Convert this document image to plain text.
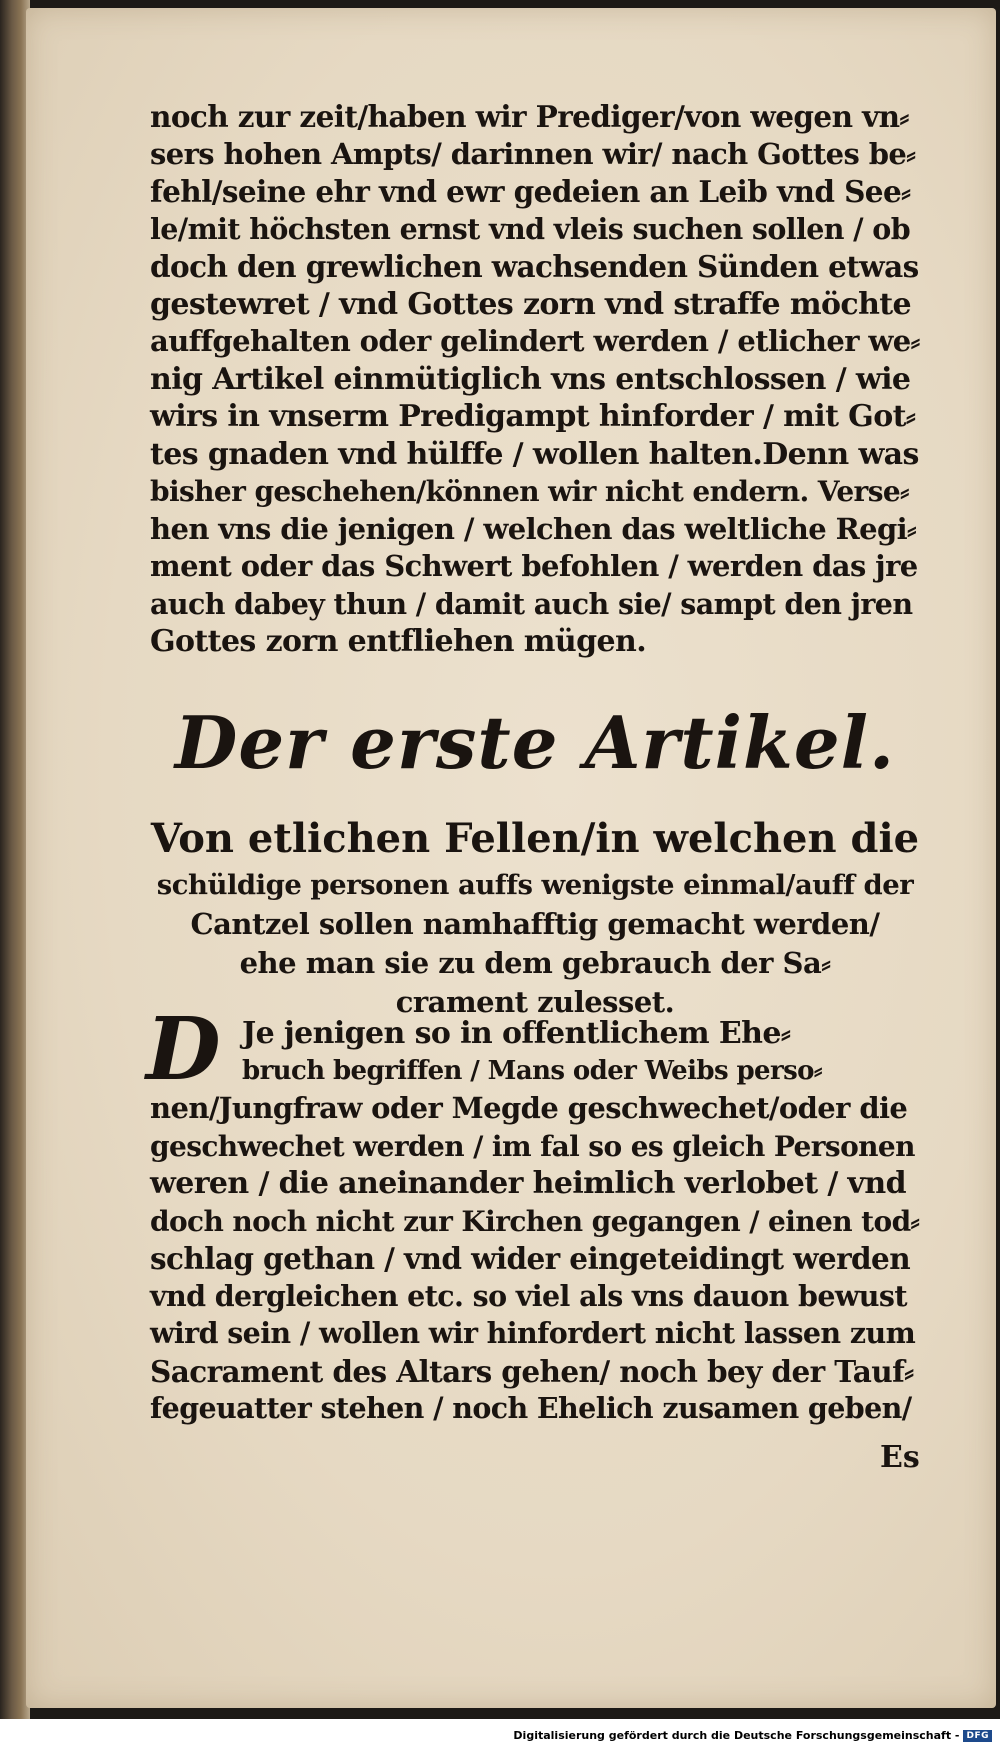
noch zur zeit/haben wir Prediger/von wegen vn⸗
sers hohen Ampts/ darinnen wir/ nach Gottes be⸗
fehl/seine ehr vnd ewr gedeien an Leib vnd See⸗
le/mit höchsten ernst vnd vleis suchen sollen / ob
doch den grewlichen wachsenden Sünden etwas
gestewret / vnd Gottes zorn vnd straffe möchte
auffgehalten oder gelindert werden / etlicher we⸗
nig Artikel einmütiglich vns entschlossen / wie
wirs in vnserm Predigampt hinforder / mit Got⸗
tes gnaden vnd hülffe / wollen halten.Denn was
bisher geschehen/können wir nicht endern. Verse⸗
hen vns die jenigen / welchen das weltliche Regi⸗
ment oder das Schwert befohlen / werden das jre
auch dabey thun / damit auch sie/ sampt den jren
Gottes zorn entfliehen mügen.
Der erste Artikel.
Von etlichen Fellen/in welchen die
schüldige personen auffs wenigste einmal/auff der
Cantzel sollen namhafftig gemacht werden/
ehe man sie zu dem gebrauch der Sa⸗
crament zulesset.
D Je jenigen so in offentlichem Ehe⸗
bruch begriffen / Mans oder Weibs perso⸗
nen/Jungfraw oder Megde geschwechet/oder die
geschwechet werden / im fal so es gleich Personen
weren / die aneinander heimlich verlobet / vnd
doch noch nicht zur Kirchen gegangen / einen tod⸗
schlag gethan / vnd wider eingeteidingt werden
vnd dergleichen etc. so viel als vns dauon bewust
wird sein / wollen wir hinfordert nicht lassen zum
Sacrament des Altars gehen/ noch bey der Tauf⸗
fegeuatter stehen / noch Ehelich zusamen geben/
Es
Digitalisierung gefördert durch die Deutsche Forschungsgemeinschaft - DFG
